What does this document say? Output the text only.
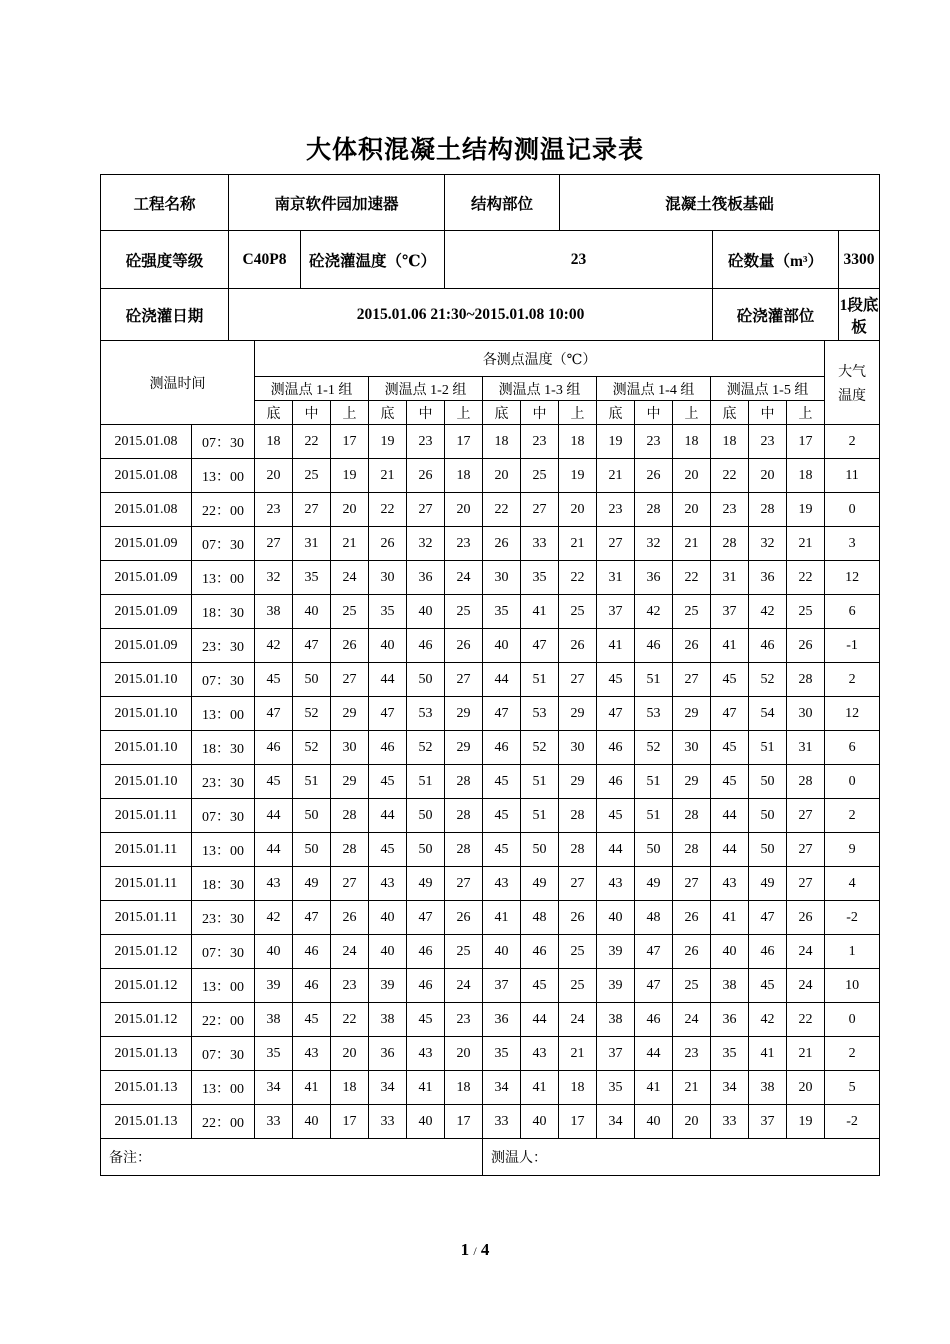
大体积混凝土结构测温记录表
工程名称	南京软件园加速器		结构部位	混凝土筏板基础		
砼强度等级	C40P8	砼浇灌温度（℃）	23		砼数量（m³）	3300
砼浇灌日期	2015.01.06 21:30~2015.01.08 10:00				砼浇灌部位	1段底板
测温时间		各测点温度（℃）															大气
温度

		测温点 1-1 组			测温点 1-2 组			测温点 1-3 组			测温点 1-4 组			测温点 1-5 组			
		底	中	上	底	中	上	底	中	上	底	中	上	底	中	上	
2015.01.08	07：30	18	22	17	19	23	17	18	23	18	19	23	18	18	23	17	2
2015.01.08	13：00	20	25	19	21	26	18	20	25	19	21	26	20	22	20	18	11
2015.01.08	22：00	23	27	20	22	27	20	22	27	20	23	28	20	23	28	19	0
2015.01.09	07：30	27	31	21	26	32	23	26	33	21	27	32	21	28	32	21	3
2015.01.09	13：00	32	35	24	30	36	24	30	35	22	31	36	22	31	36	22	12
2015.01.09	18：30	38	40	25	35	40	25	35	41	25	37	42	25	37	42	25	6
2015.01.09	23：30	42	47	26	40	46	26	40	47	26	41	46	26	41	46	26	-1
2015.01.10	07：30	45	50	27	44	50	27	44	51	27	45	51	27	45	52	28	2
2015.01.10	13：00	47	52	29	47	53	29	47	53	29	47	53	29	47	54	30	12
2015.01.10	18：30	46	52	30	46	52	29	46	52	30	46	52	30	45	51	31	6
2015.01.10	23：30	45	51	29	45	51	28	45	51	29	46	51	29	45	50	28	0
2015.01.11	07：30	44	50	28	44	50	28	45	51	28	45	51	28	44	50	27	2
2015.01.11	13：00	44	50	28	45	50	28	45	50	28	44	50	28	44	50	27	9
2015.01.11	18：30	43	49	27	43	49	27	43	49	27	43	49	27	43	49	27	4
2015.01.11	23：30	42	47	26	40	47	26	41	48	26	40	48	26	41	47	26	-2
2015.01.12	07：30	40	46	24	40	46	25	40	46	25	39	47	26	40	46	24	1
2015.01.12	13：00	39	46	23	39	46	24	37	45	25	39	47	25	38	45	24	10
2015.01.12	22：00	38	45	22	38	45	23	36	44	24	38	46	24	36	42	22	0
2015.01.13	07：30	35	43	20	36	43	20	35	43	21	37	44	23	35	41	21	2
2015.01.13	13：00	34	41	18	34	41	18	34	41	18	35	41	21	34	38	20	5
2015.01.13	22：00	33	40	17	33	40	17	33	40	17	34	40	20	33	37	19	-2
备注：								测温人：									
1 / 4
